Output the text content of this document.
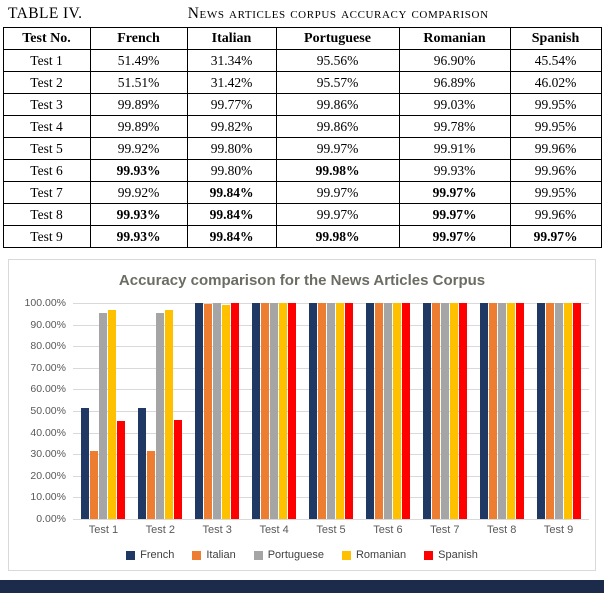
TABLE IV.	News articles corpus accuracy comparison
Test No.	French	Italian	Portuguese	Romanian	Spanish
Test 1	51.49%	31.34%	95.56%	96.90%	45.54%
Test 2	51.51%	31.42%	95.57%	96.89%	46.02%
Test 3	99.89%	99.77%	99.86%	99.03%	99.95%
Test 4	99.89%	99.82%	99.86%	99.78%	99.95%
Test 5	99.92%	99.80%	99.97%	99.91%	99.96%
Test 6	99.93%	99.80%	99.98%	99.93%	99.96%
Test 7	99.92%	99.84%	99.97%	99.97%	99.95%
Test 8	99.93%	99.84%	99.97%	99.97%	99.96%
Test 9	99.93%	99.84%	99.98%	99.97%	99.97%
Accuracy comparison for the News Articles Corpus
100.00%
90.00%
80.00%
70.00%
60.00%
50.00%
40.00%
30.00%
20.00%
10.00%
0.00%
Test 1	Test 2	Test 3	Test 4	Test 5	Test 6	Test 7	Test 8	Test 9
French	Italian	Portuguese	Romanian	Spanish
